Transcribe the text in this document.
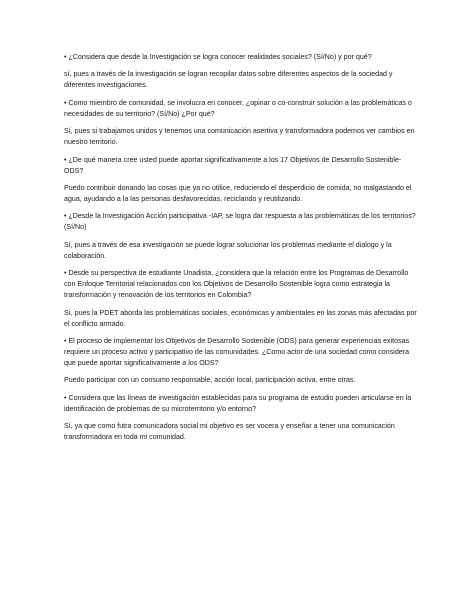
• ¿Considera que desde la Investigación se logra conocer realidades sociales? (Sí/No) y por qué?

sí, pues a través de la investigación se logran recopilar datos sobre diferentes aspectos de la sociedad y diferentes investigaciones.

• Como miembro de comunidad, se involucra en conocer, ¿opinar o co-construir solución a las problemáticas o necesidades de su territorio? (Sí/No) ¿Por qué?

Sí, pues si trabajamos unidos y tenemos una comunicación asertiva y transformadora podemos ver cambios en nuestro territorio.

• ¿De qué manera cree usted puede aportar significativamente a los 17 Objetivos de Desarrollo Sostenible-ODS?

Puedo contribuir donando las cosas que ya no utilice, reduciendo el desperdicio de comida, no malgastando el agua, ayudando a la las personas desfavorecidas, reciclando y reutilizando.

• ¿Desde la Investigación Acción participativa -IAP, se logra dar respuesta a las problemáticas de los territorios? (Sí/No)

Sí, pues a través de esa investigación se puede lograr solucionar los problemas mediante el dialogo y la colaboración.

• Desde su perspectiva de estudiante Unadista, ¿considera que la relación entre los Programas de Desarrollo con Enfoque Territorial relacionados con los Objetivos de Desarrollo Sostenible logra como estrategia la transformación y renovación de los territorios en Colombia?

Sí, pues la PDET aborda las problemáticas sociales, económicas y ambientales en las zonas más afectadas por el conflicto armado.

• El proceso de implementar los Objetivos de Desarrollo Sostenible (ODS) para generar experiencias exitosas requiere un proceso activo y participativo de las comunidades. ¿Como actor de una sociedad como considera que puede aportar significativamente a los ODS?

Puedo participar con un consumo responsable, acción local, participación activa, entre otras.

• Considera que las líneas de investigación establecidas para su programa de estudio pueden articularse en la identificación de problemas de su microterritorio y/o entorno?

Sí, ya que como futra comunicadora social mi objetivo es ser vocera y enseñar a tener una comunicación transformadora en toda mi comunidad.
